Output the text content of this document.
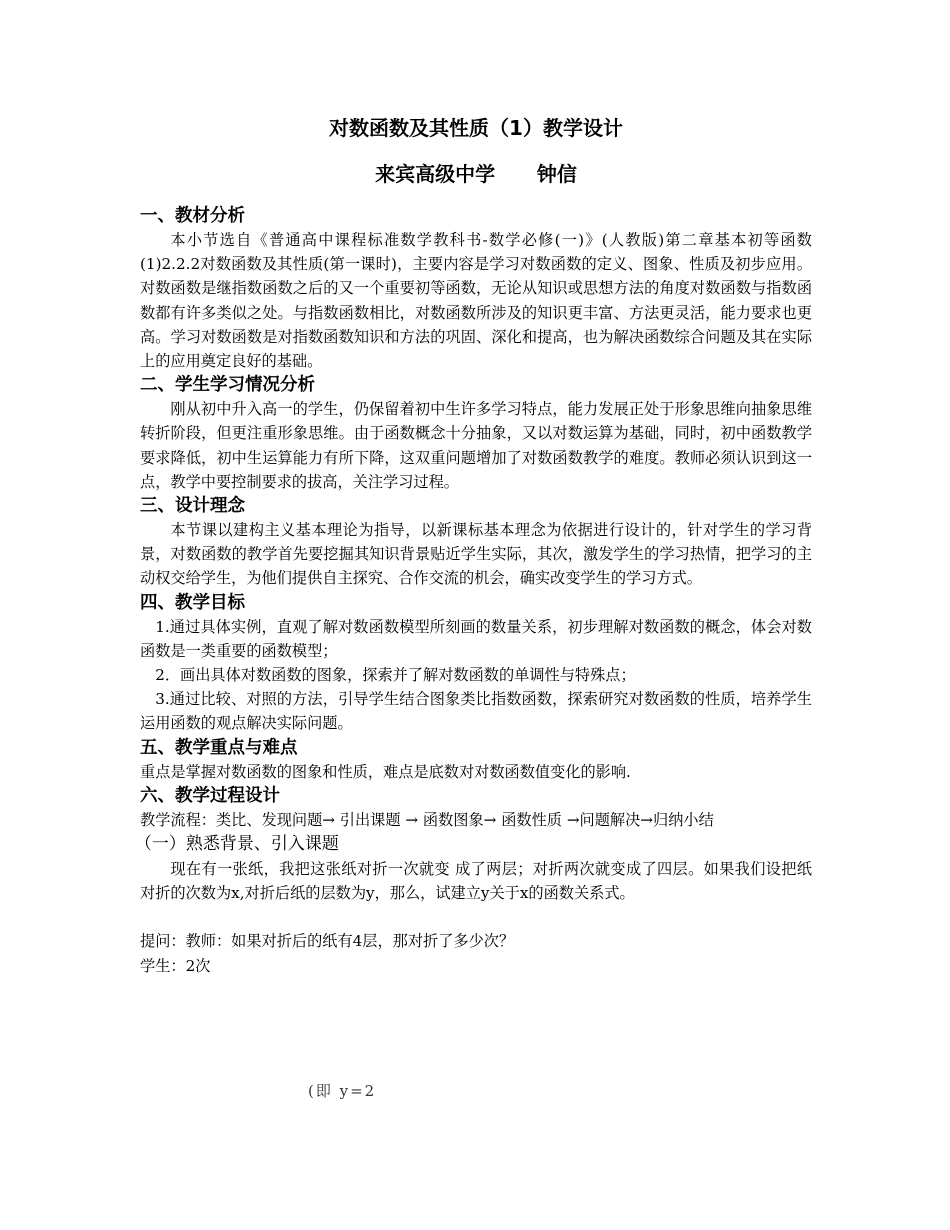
对数函数及其性质（1）教学设计

来宾高级中学      钟信

一、教材分析

本小节选自《普通高中课程标准数学教科书-数学必修(一)》(人教版)第二章基本初等函数(1)2.2.2对数函数及其性质(第一课时)，主要内容是学习对数函数的定义、图象、性质及初步应用。对数函数是继指数函数之后的又一个重要初等函数，无论从知识或思想方法的角度对数函数与指数函数都有许多类似之处。与指数函数相比，对数函数所涉及的知识更丰富、方法更灵活，能力要求也更高。学习对数函数是对指数函数知识和方法的巩固、深化和提高，也为解决函数综合问题及其在实际上的应用奠定良好的基础。

二、学生学习情况分析

刚从初中升入高一的学生，仍保留着初中生许多学习特点，能力发展正处于形象思维向抽象思维转折阶段，但更注重形象思维。由于函数概念十分抽象，又以对数运算为基础，同时，初中函数教学要求降低，初中生运算能力有所下降，这双重问题增加了对数函数教学的难度。教师必须认识到这一点，教学中要控制要求的拔高，关注学习过程。

三、设计理念

本节课以建构主义基本理论为指导，以新课标基本理念为依据进行设计的，针对学生的学习背景，对数函数的教学首先要挖掘其知识背景贴近学生实际，其次，激发学生的学习热情，把学习的主动权交给学生，为他们提供自主探究、合作交流的机会，确实改变学生的学习方式。

四、教学目标

1.通过具体实例，直观了解对数函数模型所刻画的数量关系，初步理解对数函数的概念，体会对数函数是一类重要的函数模型；

2．画出具体对数函数的图象，探索并了解对数函数的单调性与特殊点；

3.通过比较、对照的方法，引导学生结合图象类比指数函数，探索研究对数函数的性质，培养学生运用函数的观点解决实际问题。

五、教学重点与难点

重点是掌握对数函数的图象和性质，难点是底数对对数函数值变化的影响.

六、教学过程设计

教学流程：类比、发现问题→ 引出课题 → 函数图象→ 函数性质 →问题解决→归纳小结

（一）熟悉背景、引入课题

现在有一张纸，我把这张纸对折一次就变 成了两层；对折两次就变成了四层。如果我们设把纸对折的次数为x,对折后纸的层数为y，那么，试建立y关于x的函数关系式。

提问：教师：如果对折后的纸有4层，那对折了多少次？

学生：2次

(即 y=2
